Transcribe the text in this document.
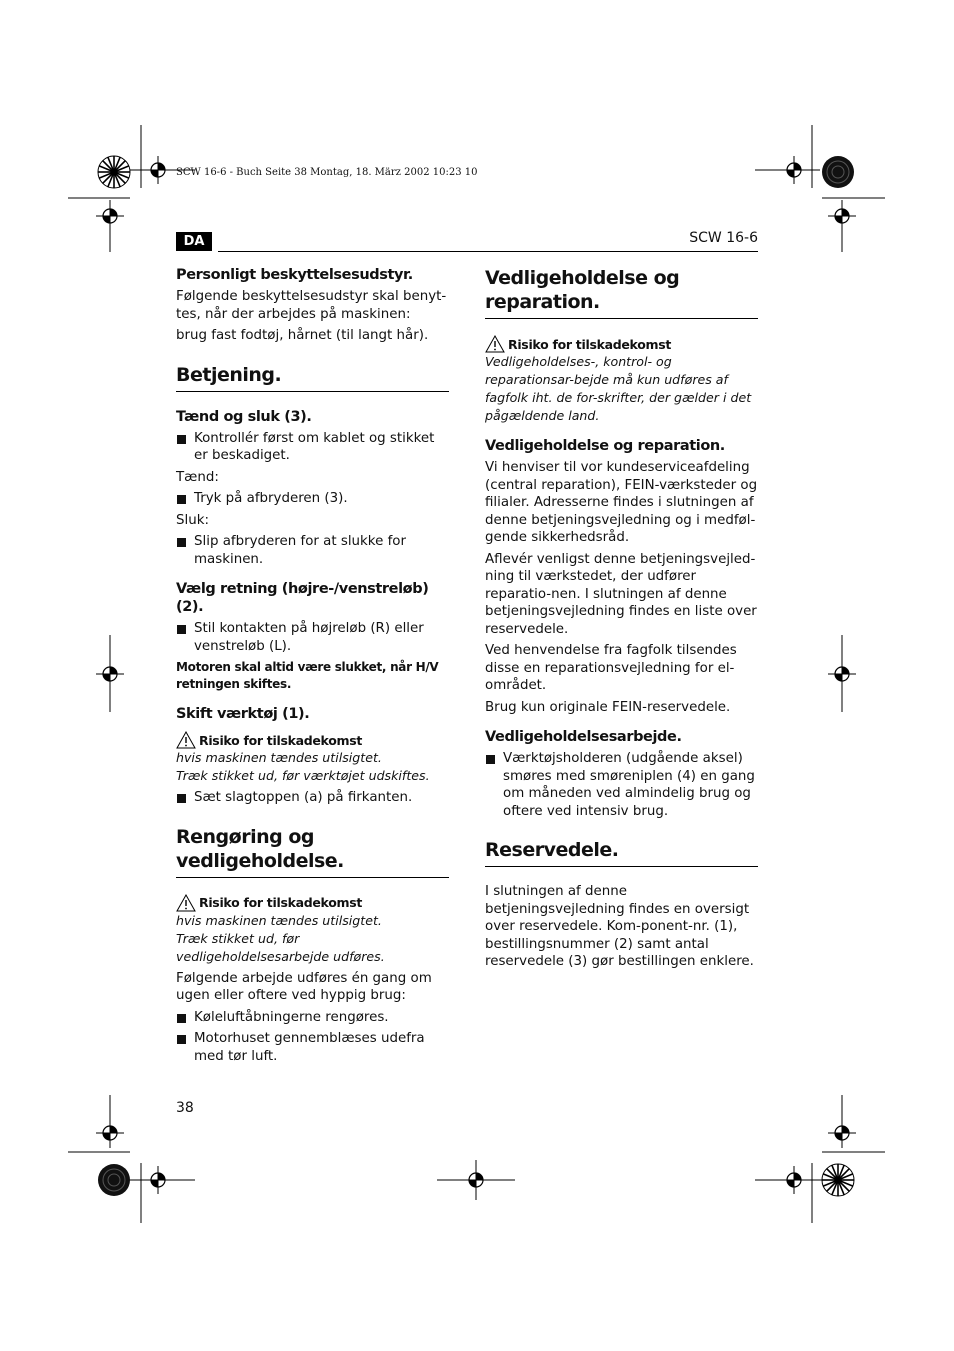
SCW 16-6 - Buch Seite 38 Montag, 18. März 2002 10:23 10
DA	SCW 16-6
Personligt beskyttelsesudstyr.

Følgende beskyttelsesudstyr skal benyt-tes, når der arbejdes på maskinen:

brug fast fodtøj, hårnet (til langt hår).

Betjening.
Tænd og sluk (3).
Kontrollér først om kablet og stikket er beskadiget.

Tænd:

Tryk på afbryderen (3).

Sluk:

Slip afbryderen for at slukke for maskinen.
Vælg retning (højre-/venstreløb) (2).
Stil kontakten på højreløb (R) eller venstreløb (L).
Motoren skal altid være slukket, når H/V retningen skiftes.
Skift værktøj (1).
Risiko for tilskadekomst
hvis maskinen tændes utilsigtet.
Træk stikket ud, før værktøjet udskiftes.
Sæt slagtoppen (a) på firkanten.
Rengøring og vedligeholdelse.
Risiko for tilskadekomst
hvis maskinen tændes utilsigtet.
Træk stikket ud, før vedligeholdelsesarbejde udføres.

Følgende arbejde udføres én gang om ugen eller oftere ved hyppig brug:

Køleluftåbningerne rengøres.
Motorhuset gennemblæses udefra med tør luft.
Vedligeholdelse og reparation.
Risiko for tilskadekomst
Vedligeholdelses-, kontrol- og reparationsar-bejde må kun udføres af fagfolk iht. de for-skrifter, der gælder i det pågældende land.
Vedligeholdelse og reparation.

Vi henviser til vor kundeserviceafdeling (central reparation), FEIN-værksteder og filialer. Adresserne findes i slutningen af denne betjeningsvejledning og i medføl-gende sikkerhedsråd.

Aflevér venligst denne betjeningsvejled-ning til værkstedet, der udfører reparatio-nen. I slutningen af denne betjeningsvejledning findes en liste over reservedele.

Ved henvendelse fra fagfolk tilsendes disse en reparationsvejledning for el-området.

Brug kun originale FEIN-reservedele.

Vedligeholdelsesarbejde.
Værktøjsholderen (udgående aksel) smøres med smøreniplen (4) en gang om måneden ved almindelig brug og oftere ved intensiv brug.
Reservedele.

I slutningen af denne betjeningsvejledning findes en oversigt over reservedele. Kom-ponent-nr. (1), bestillingsnummer (2) samt antal reservedele (3) gør bestillingen enklere.

38
